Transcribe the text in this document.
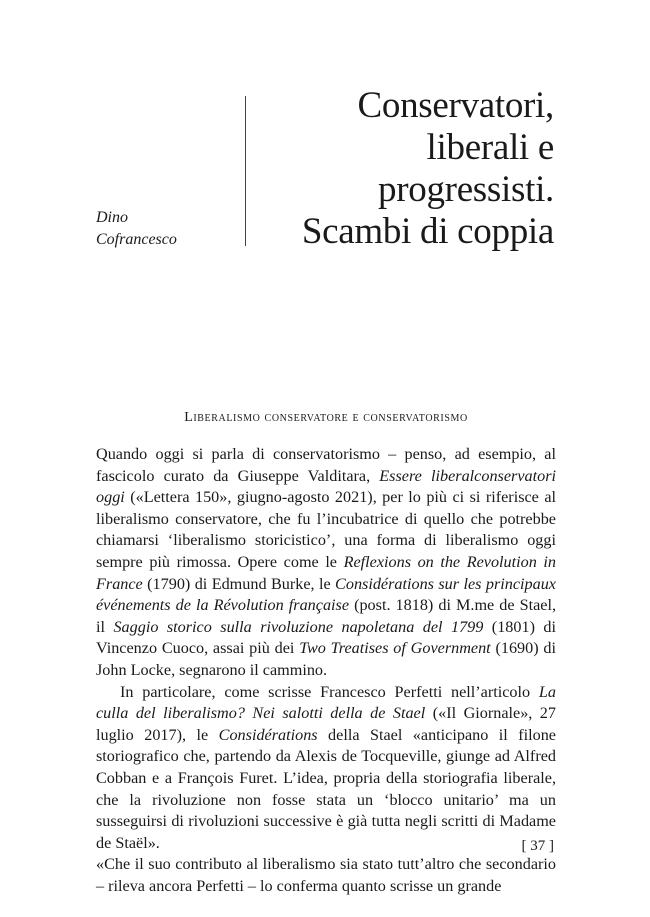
Dino
Cofrancesco
Conservatori,
liberali e
progressisti.
Scambi di coppia
Liberalismo conservatore e conservatorismo

Quando oggi si parla di conservatorismo – penso, ad esempio, al fascicolo curato da Giuseppe Valditara, Essere liberalconservatori oggi («Lettera 150», giugno-agosto 2021), per lo più ci si riferisce al liberalismo conservatore, che fu l’incubatrice di quello che potrebbe chiamarsi ‘liberalismo storicistico’, una forma di liberalismo oggi sempre più rimossa. Opere come le Reflexions on the Revolution in France (1790) di Edmund Burke, le Considérations sur les principaux événements de la Révolution française (post. 1818) di M.me de Stael, il Saggio storico sulla rivoluzione napoletana del 1799 (1801) di Vincenzo Cuoco, assai più dei Two Treatises of Government (1690) di John Locke, segnarono il cammino.

In particolare, come scrisse Francesco Perfetti nell’articolo La culla del liberalismo? Nei salotti della de Stael («Il Giornale», 27 luglio 2017), le Considérations della Stael «anticipano il filone storiografico che, partendo da Alexis de Tocqueville, giunge ad Alfred Cobban e a François Furet. L’idea, propria della storiografia liberale, che la rivoluzione non fosse stata un ‘blocco unitario’ ma un susseguirsi di rivoluzioni successive è già tutta negli scritti di Madame de Staël».

«Che il suo contributo al liberalismo sia stato tutt’altro che secondario – rileva ancora Perfetti – lo conferma quanto scrisse un grande

[ 37 ]
